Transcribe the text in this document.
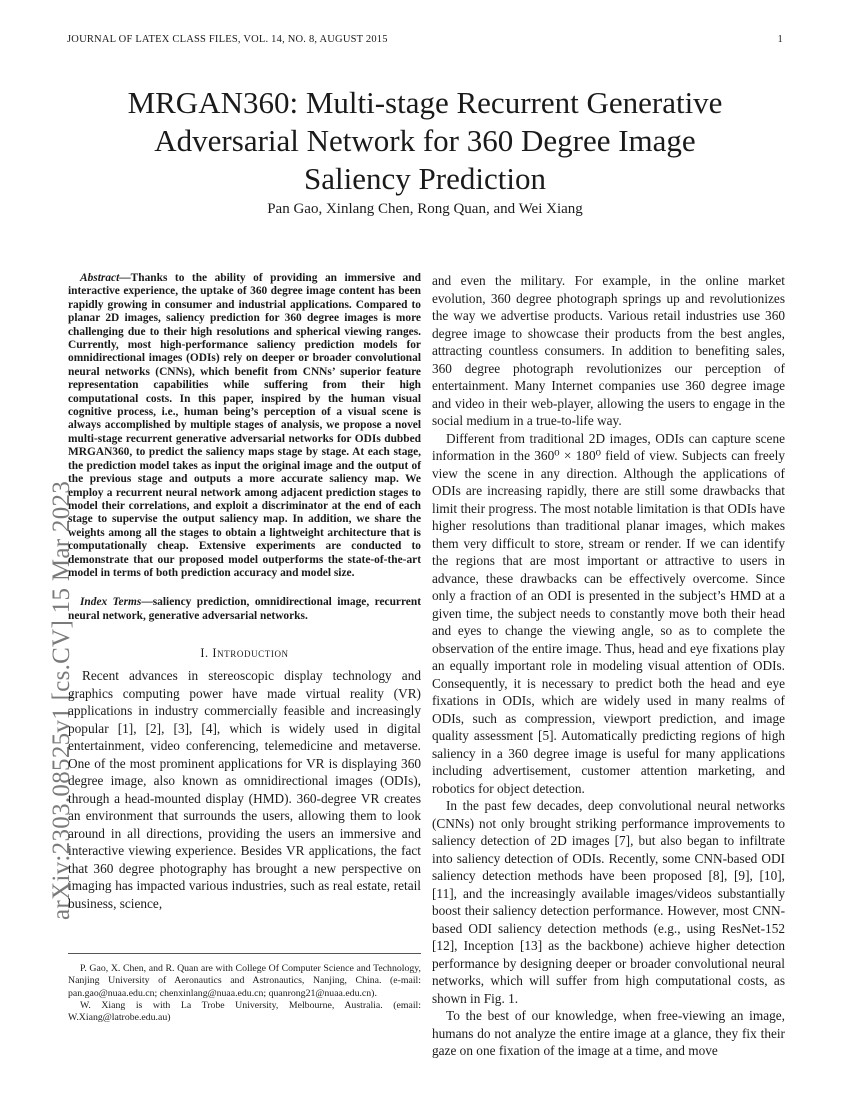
JOURNAL OF LATEX CLASS FILES, VOL. 14, NO. 8, AUGUST 2015	1
arXiv:2303.08525v1 [cs.CV] 15 Mar 2023
MRGAN360: Multi-stage Recurrent Generative
Adversarial Network for 360 Degree Image
Saliency Prediction
Pan Gao, Xinlang Chen, Rong Quan, and Wei Xiang

Abstract—Thanks to the ability of providing an immersive and interactive experience, the uptake of 360 degree image content has been rapidly growing in consumer and industrial applications. Compared to planar 2D images, saliency prediction for 360 degree images is more challenging due to their high resolutions and spherical viewing ranges. Currently, most high-performance saliency prediction models for omnidirectional images (ODIs) rely on deeper or broader convolutional neural networks (CNNs), which benefit from CNNs’ superior feature representation capabilities while suffering from their high computational costs. In this paper, inspired by the human visual cognitive process, i.e., human being’s perception of a visual scene is always accomplished by multiple stages of analysis, we propose a novel multi-stage recurrent generative adversarial networks for ODIs dubbed MRGAN360, to predict the saliency maps stage by stage. At each stage, the prediction model takes as input the original image and the output of the previous stage and outputs a more accurate saliency map. We employ a recurrent neural network among adjacent prediction stages to model their correlations, and exploit a discriminator at the end of each stage to supervise the output saliency map. In addition, we share the weights among all the stages to obtain a lightweight architecture that is computationally cheap. Extensive experiments are conducted to demonstrate that our proposed model outperforms the state-of-the-art model in terms of both prediction accuracy and model size.

Index Terms—saliency prediction, omnidirectional image, recurrent neural network, generative adversarial networks.

I. Introduction

Recent advances in stereoscopic display technology and graphics computing power have made virtual reality (VR) applications in industry commercially feasible and increasingly popular [1], [2], [3], [4], which is widely used in digital entertainment, video conferencing, telemedicine and metaverse. One of the most prominent applications for VR is displaying 360 degree image, also known as omnidirectional images (ODIs), through a head-mounted display (HMD). 360-degree VR creates an environment that surrounds the users, allowing them to look around in all directions, providing the users an immersive and interactive viewing experience. Besides VR applications, the fact that 360 degree photography has brought a new perspective on imaging has impacted various industries, such as real estate, retail business, science,

P. Gao, X. Chen, and R. Quan are with College Of Computer Science and Technology, Nanjing University of Aeronautics and Astronautics, Nanjing, China. (e-mail: pan.gao@nuaa.edu.cn; chenxinlang@nuaa.edu.cn; quanrong21@nuaa.edu.cn).

W. Xiang is with La Trobe University, Melbourne, Australia. (email: W.Xiang@latrobe.edu.au)

and even the military. For example, in the online market evolution, 360 degree photograph springs up and revolutionizes the way we advertise products. Various retail industries use 360 degree image to showcase their products from the best angles, attracting countless consumers. In addition to benefiting sales, 360 degree photograph revolutionizes our perception of entertainment. Many Internet companies use 360 degree image and video in their web-player, allowing the users to engage in the social medium in a true-to-life way.

Different from traditional 2D images, ODIs can capture scene information in the 360⁰ × 180⁰ field of view. Subjects can freely view the scene in any direction. Although the applications of ODIs are increasing rapidly, there are still some drawbacks that limit their progress. The most notable limitation is that ODIs have higher resolutions than traditional planar images, which makes them very difficult to store, stream or render. If we can identify the regions that are most important or attractive to users in advance, these drawbacks can be effectively overcome. Since only a fraction of an ODI is presented in the subject’s HMD at a given time, the subject needs to constantly move both their head and eyes to change the viewing angle, so as to complete the observation of the entire image. Thus, head and eye fixations play an equally important role in modeling visual attention of ODIs. Consequently, it is necessary to predict both the head and eye fixations in ODIs, which are widely used in many realms of ODIs, such as compression, viewport prediction, and image quality assessment [5]. Automatically predicting regions of high saliency in a 360 degree image is useful for many applications including advertisement, customer attention marketing, and robotics for object detection.

In the past few decades, deep convolutional neural networks (CNNs) not only brought striking performance improvements to saliency detection of 2D images [7], but also began to infiltrate into saliency detection of ODIs. Recently, some CNN-based ODI saliency detection methods have been proposed [8], [9], [10], [11], and the increasingly available images/videos substantially boost their saliency detection performance. However, most CNN-based ODI saliency detection methods (e.g., using ResNet-152 [12], Inception [13] as the backbone) achieve higher detection performance by designing deeper or broader convolutional neural networks, which will suffer from high computational costs, as shown in Fig. 1.

To the best of our knowledge, when free-viewing an image, humans do not analyze the entire image at a glance, they fix their gaze on one fixation of the image at a time, and move
